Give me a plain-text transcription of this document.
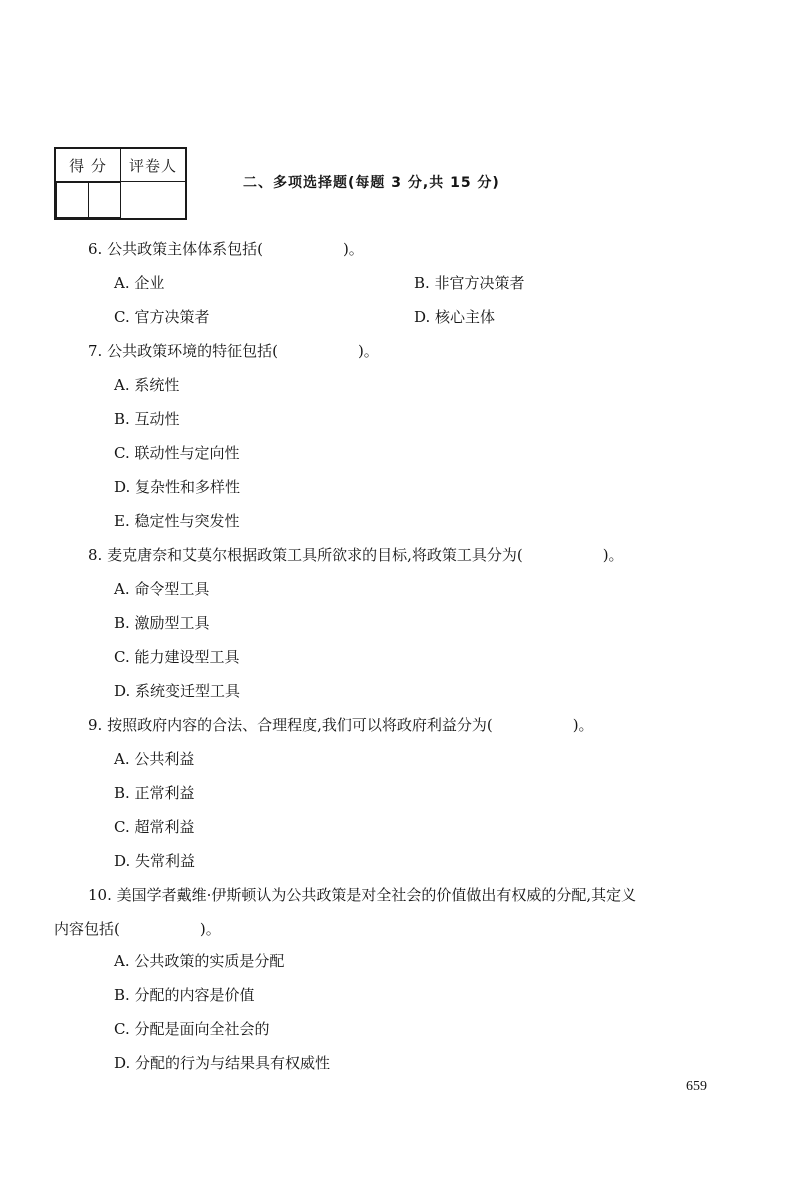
得 分	评卷人

二、多项选择题(每题 3 分,共 15 分)
6. 公共政策主体体系包括(	)。
A. 企业	B. 非官方决策者
C. 官方决策者	D. 核心主体
7. 公共政策环境的特征包括(	)。
A. 系统性
B. 互动性
C. 联动性与定向性
D. 复杂性和多样性
E. 稳定性与突发性
8. 麦克唐奈和艾莫尔根据政策工具所欲求的目标,将政策工具分为(	)。
A. 命令型工具
B. 激励型工具
C. 能力建设型工具
D. 系统变迁型工具
9. 按照政府内容的合法、合理程度,我们可以将政府利益分为(	)。
A. 公共利益
B. 正常利益
C. 超常利益
D. 失常利益
10. 美国学者戴维·伊斯顿认为公共政策是对全社会的价值做出有权威的分配,其定义
内容包括(	)。
A. 公共政策的实质是分配
B. 分配的内容是价值
C. 分配是面向全社会的
D. 分配的行为与结果具有权威性
659
